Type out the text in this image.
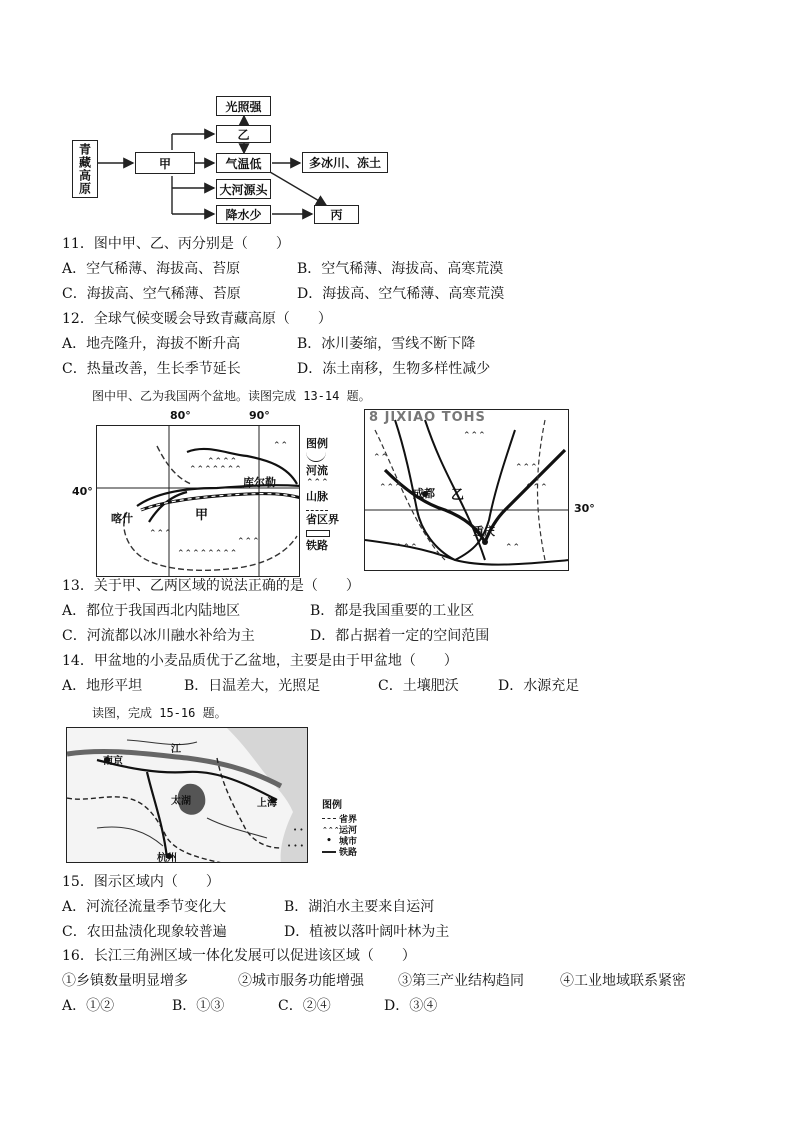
青藏高原	甲
光照强
乙
气温低	多冰川、冻土
大河源头
降水少	丙
11．图中甲、乙、丙分别是（　　）
A．空气稀薄、海拔高、苔原	B．空气稀薄、海拔高、高寒荒漠
C．海拔高、空气稀薄、苔原	D．海拔高、空气稀薄、高寒荒漠
12．全球气候变暖会导致青藏高原（　　）
A．地壳隆升，海拔不断升高	B．冰川萎缩，雪线不断下降
C．热量改善，生长季节延长	D．冻土南移，生物多样性减少
图中甲、乙为我国两个盆地。读图完成 13-14 题。
80°	90°
40°
⌃⌃⌃⌃⌃⌃⌃
⌃⌃⌃⌃
⌃⌃⌃
⌃⌃⌃⌃⌃⌃⌃⌃
⌃⌃⌃
⌃⌃
库尔勒
喀什	甲
图例
河流
⌃⌃⌃
山脉
省区界
铁路
⌃⌃
⌃⌃⌃
⌃⌃⌃
⌃⌃⌃
⌃⌃⌃
⌃⌃⌃	⌃⌃
8 JIXIAO TOHS
成都 乙
重庆
30°
13．关于甲、乙两区域的说法正确的是（　　）
A．都位于我国西北内陆地区	B．都是我国重要的工业区
C．河流都以冰川融水补给为主	D．都占据着一定的空间范围
14．甲盆地的小麦品质优于乙盆地，主要是由于甲盆地（　　）
A．地形平坦	B．日温差大，光照足	C．土壤肥沃	D．水源充足
读图，完成 15-16 题。
• •
• • •
南京
江
太湖	上海
杭州
图例
省界
⌃⌃⌃ 运河
• 城市
铁路
15．图示区域内（　　）
A．河流径流量季节变化大	B．湖泊水主要来自运河
C．农田盐渍化现象较普遍	D．植被以落叶阔叶林为主
16．长江三角洲区域一体化发展可以促进该区域（　　）
①乡镇数量明显增多	②城市服务功能增强 ③第三产业结构趋同	④工业地域联系紧密
A．①②	B．①③	C．②④	D．③④
